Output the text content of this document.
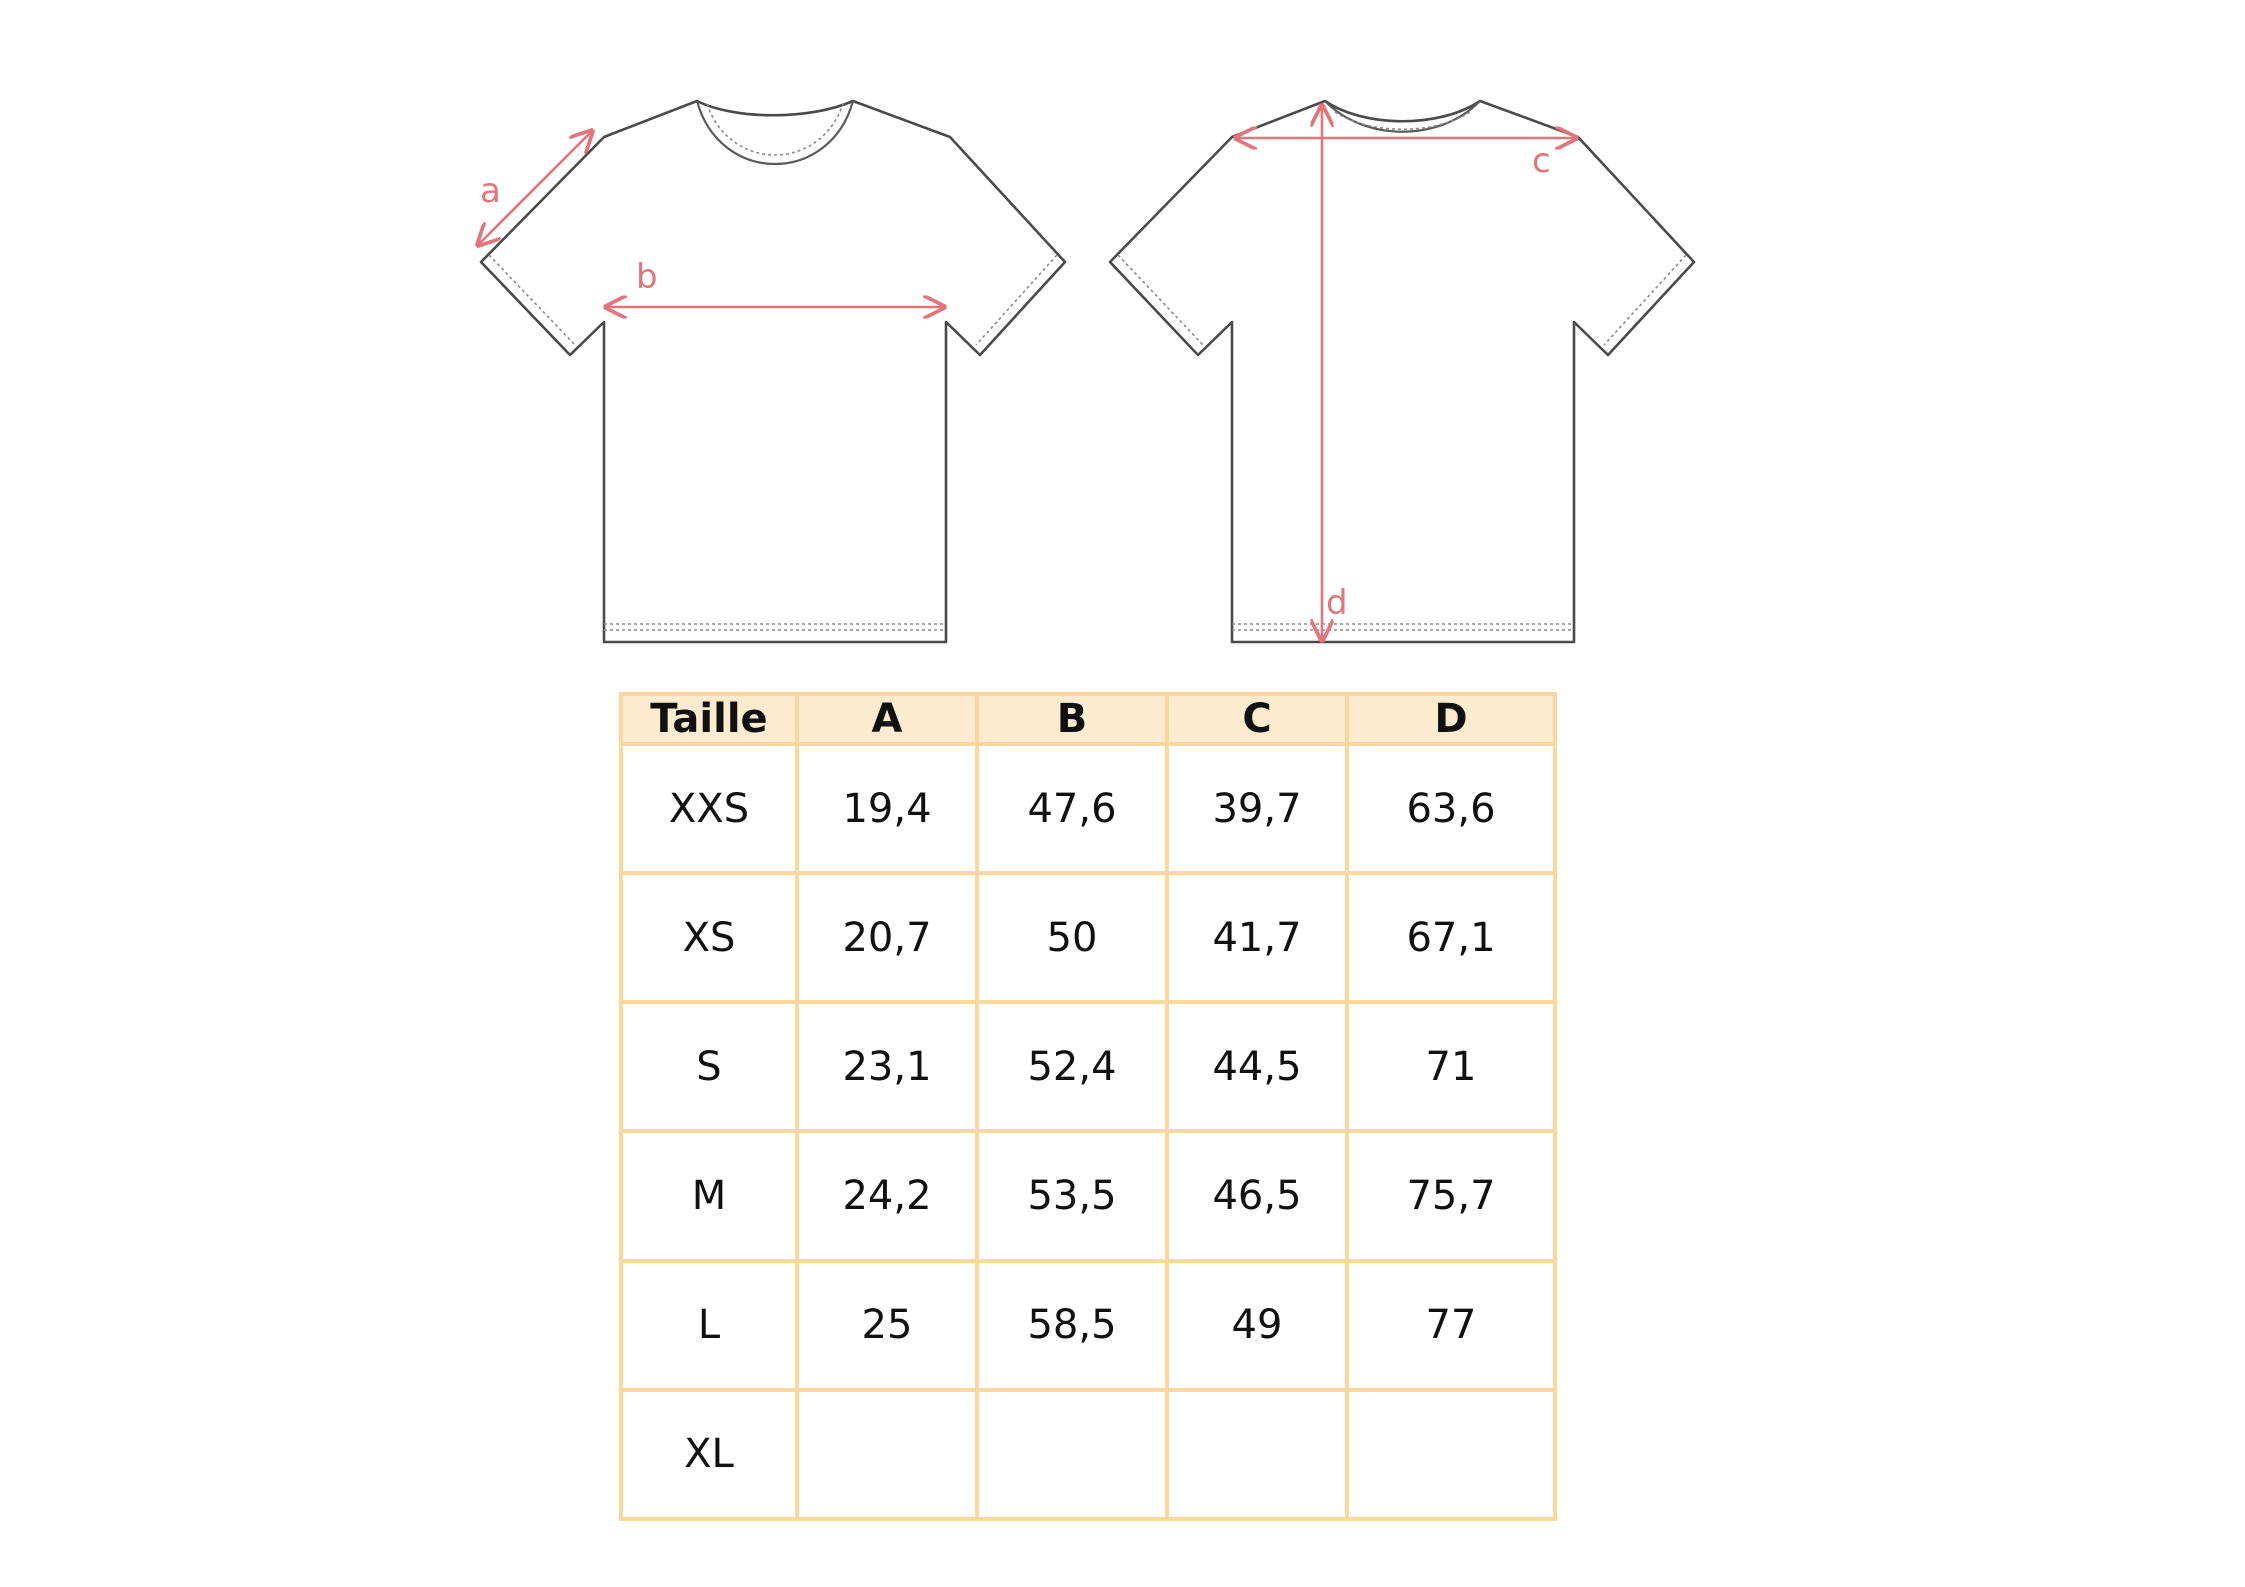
a
b
c
d
Taille	A	B	C	D
XXS	19,4	47,6	39,7	63,6
XS	20,7	50	41,7	67,1
S	23,1	52,4	44,5	71
M	24,2	53,5	46,5	75,7
L	25	58,5	49	77
XL				
